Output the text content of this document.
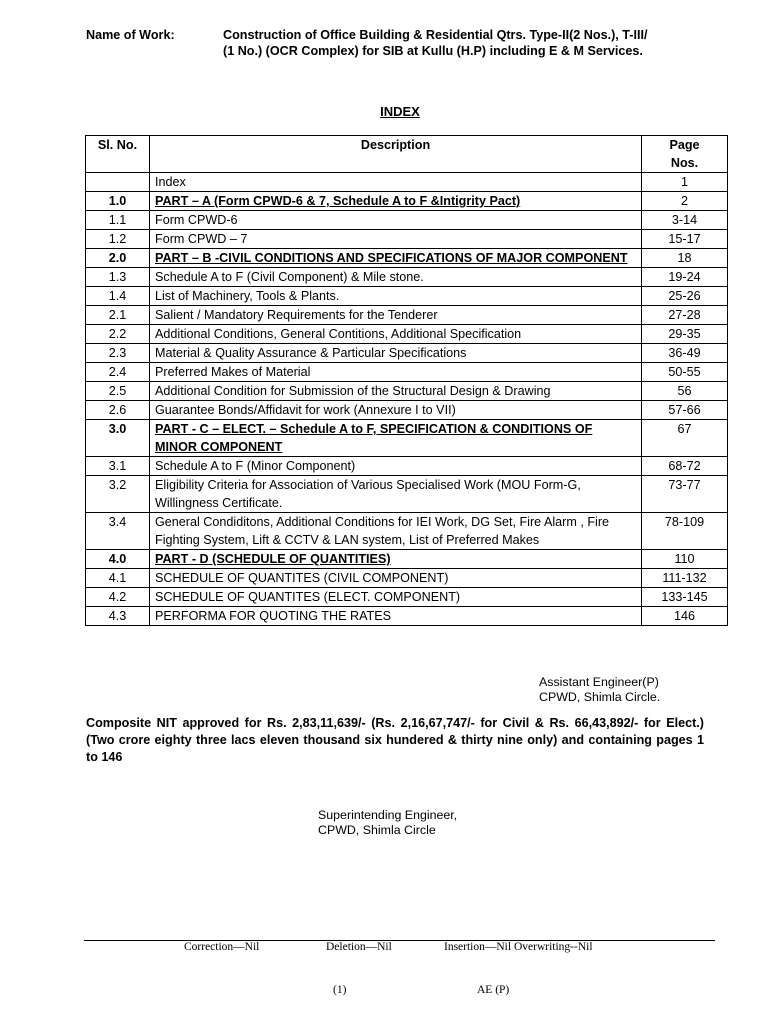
Name of Work:	Construction of Office Building & Residential Qtrs. Type-II(2 Nos.), T-III/
(1 No.) (OCR Complex) for SIB at Kullu (H.P) including E & M Services.
INDEX
Sl. No.	Description	Page
Nos.

	Index	1
1.0	PART – A (Form CPWD-6 & 7, Schedule A to F &Intigrity Pact)	2
1.1	Form CPWD-6	3-14
1.2	Form CPWD – 7	15-17
2.0	PART – B -CIVIL CONDITIONS AND SPECIFICATIONS OF MAJOR COMPONENT	18
1.3	Schedule A to F (Civil Component) & Mile stone.	19-24
1.4	List of Machinery, Tools & Plants.	25-26
2.1	Salient / Mandatory Requirements for the Tenderer	27-28
2.2	Additional Conditions, General Contitions, Additional Specification	29-35
2.3	Material & Quality Assurance & Particular Specifications	36-49
2.4	Preferred Makes of Material	50-55
2.5	Additional Condition for Submission of the Structural Design & Drawing	56
2.6	Guarantee Bonds/Affidavit for work (Annexure I to VII)	57-66
3.0	PART - C – ELECT. – Schedule A to F, SPECIFICATION & CONDITIONS OF MINOR COMPONENT	67
3.1	Schedule A to F (Minor Component)	68-72
3.2	Eligibility Criteria for Association of Various Specialised Work (MOU Form-G, Willingness Certificate.	73-77
3.4	General Condiditons, Additional Conditions for IEI Work, DG Set, Fire Alarm , Fire Fighting System, Lift & CCTV & LAN system, List of Preferred Makes	78-109
4.0	PART - D (SCHEDULE OF QUANTITIES)	110
4.1	SCHEDULE OF QUANTITES (CIVIL COMPONENT)	111-132
4.2	SCHEDULE OF QUANTITES (ELECT. COMPONENT)	133-145
4.3	PERFORMA FOR QUOTING THE RATES	146
Assistant Engineer(P)
CPWD, Shimla Circle.
Composite NIT approved for Rs. 2,83,11,639/- (Rs. 2,16,67,747/- for Civil & Rs. 66,43,892/- for Elect.) (Two crore eighty three lacs eleven thousand six hundered & thirty nine only) and containing pages 1 to 146
Superintending Engineer,
CPWD, Shimla Circle
Correction—Nil	Deletion—Nil	Insertion—Nil Overwriting--Nil
(1)	AE (P)
